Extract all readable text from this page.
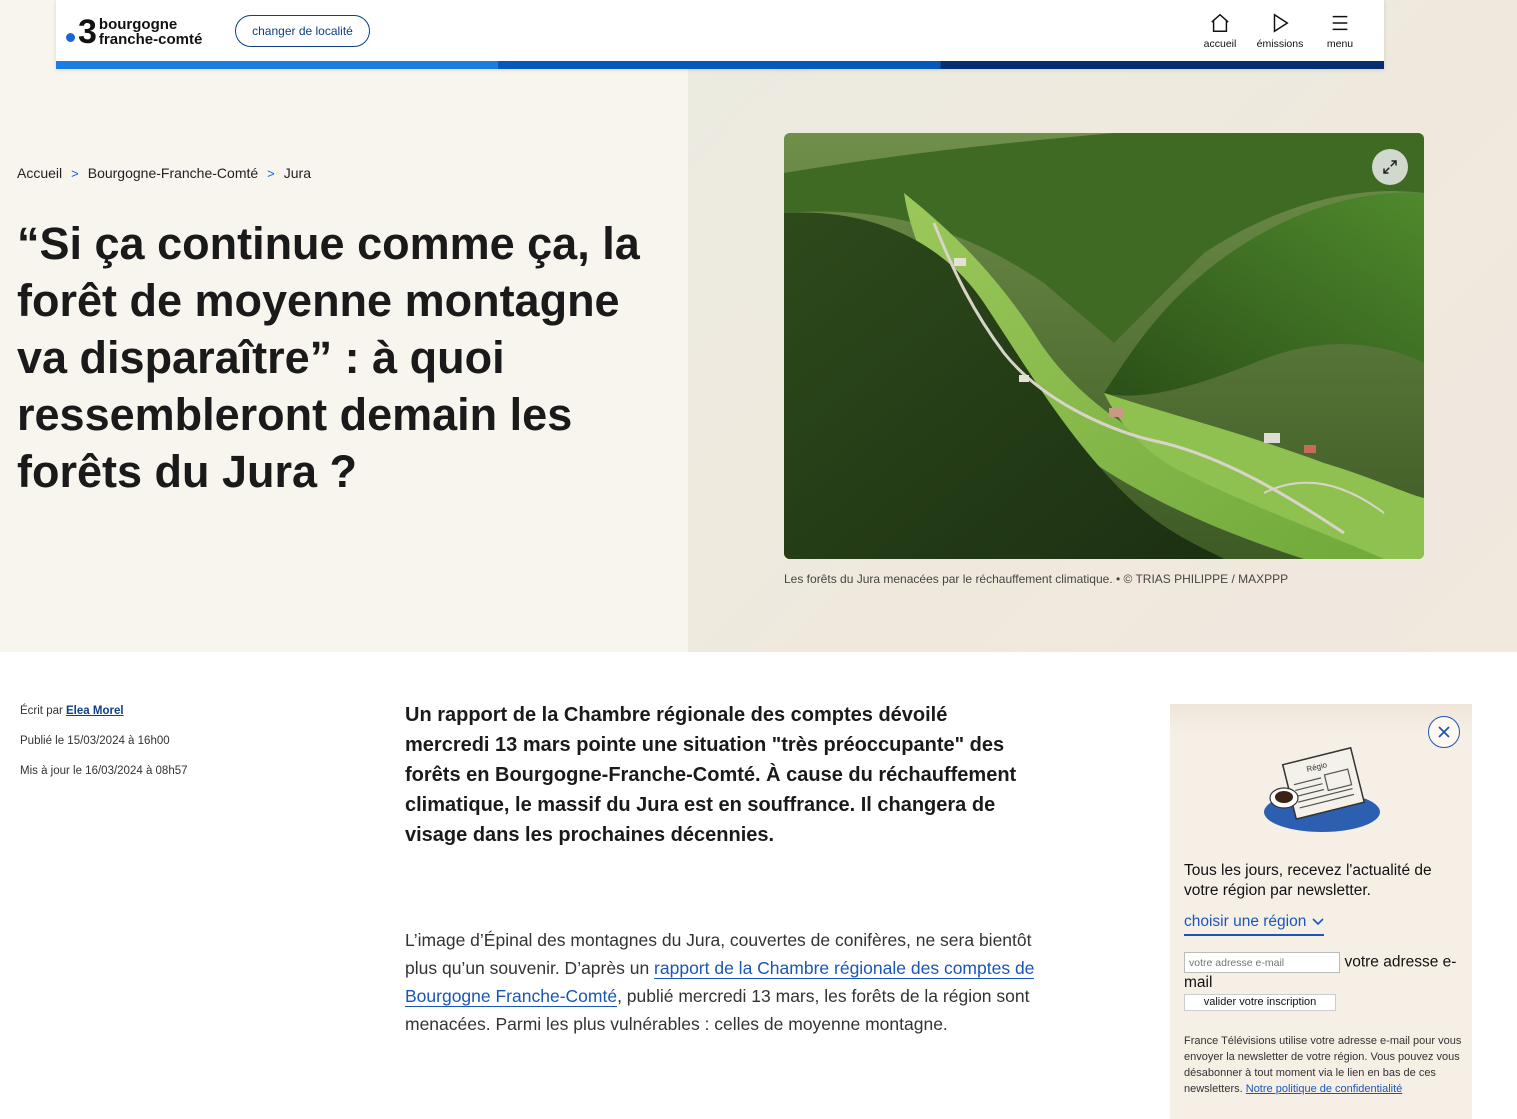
3 bourgogne
franche-comté	changer de localité
accueil émissions menu
Accueil > Bourgogne-Franche-Comté > Jura
“Si ça continue comme ça, la forêt de moyenne montagne va disparaître” : à quoi ressembleront demain les forêts du Jura ?
Les forêts du Jura menacées par le réchauffement climatique. • © TRIAS PHILIPPE / MAXPPP
Écrit par Elea Morel
Publié le 15/03/2024 à 16h00
Mis à jour le 16/03/2024 à 08h57

Un rapport de la Chambre régionale des comptes dévoilé mercredi 13 mars pointe une situation "très préoccupante" des forêts en Bourgogne-Franche-Comté. À cause du réchauffement climatique, le massif du Jura est en souffrance. Il changera de visage dans les prochaines décennies.

L’image d’Épinal des montagnes du Jura, couvertes de conifères, ne sera bientôt plus qu’un souvenir. D’après un rapport de la Chambre régionale des comptes de Bourgogne Franche-Comté, publié mercredi 13 mars, les forêts de la région sont menacées. Parmi les plus vulnérables : celles de moyenne montagne.

Régio

Tous les jours, recevez l'actualité de votre région par newsletter.

choisir une région
votre adresse e-mail votre adresse e-mail
valider votre inscription

France Télévisions utilise votre adresse e-mail pour vous envoyer la newsletter de votre région. Vous pouvez vous désabonner à tout moment via le lien en bas de ces newsletters. Notre politique de confidentialité
